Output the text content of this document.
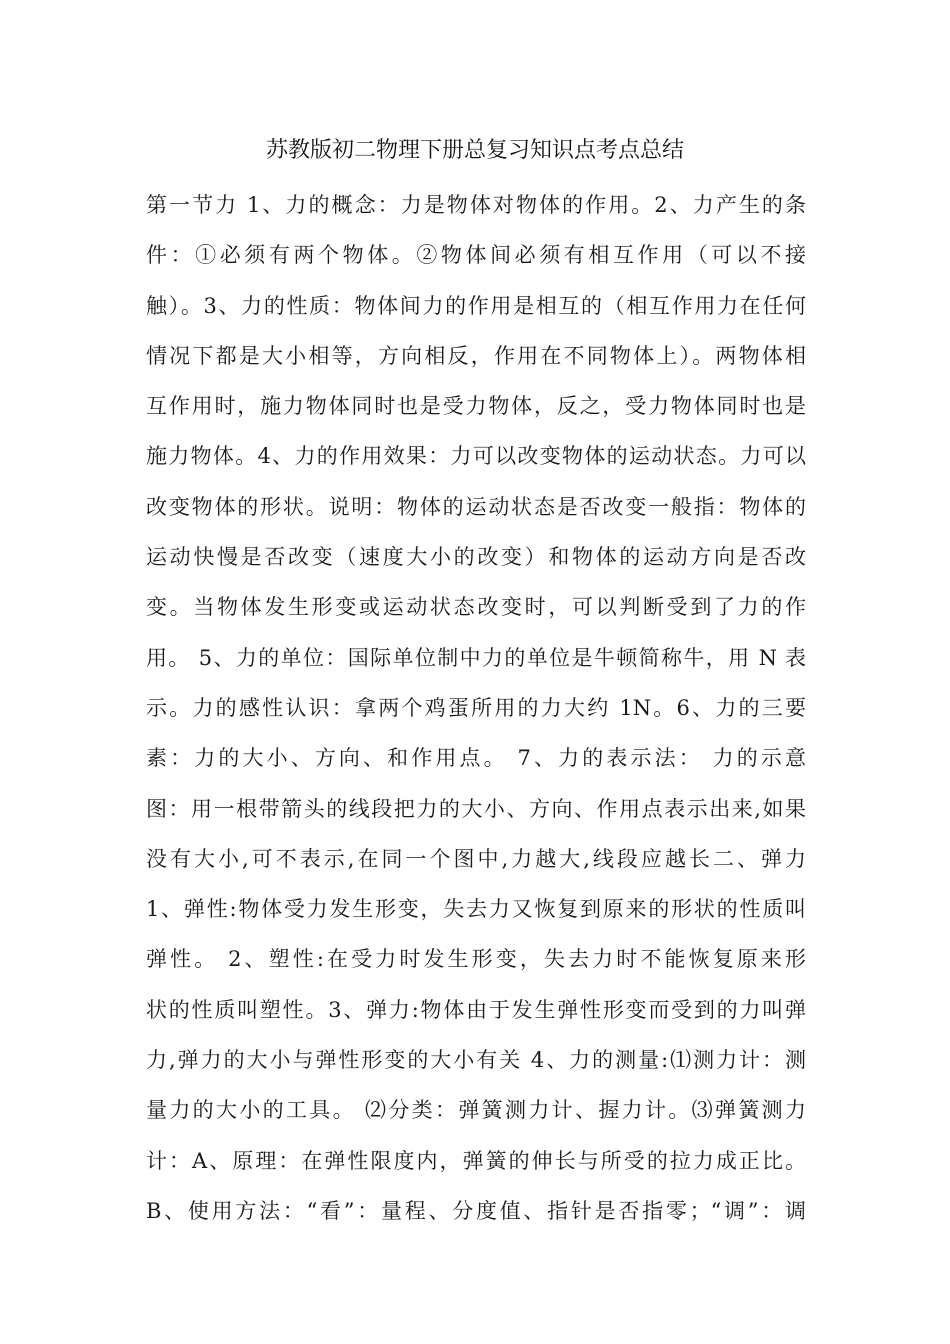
苏教版初二物理下册总复习知识点考点总结
第一节力 1、力的概念：力是物体对物体的作用。2、力产生的条
件：①必须有两个物体。②物体间必须有相互作用（可以不接
触）。3、力的性质：物体间力的作用是相互的（相互作用力在任何
情况下都是大小相等，方向相反，作用在不同物体上）。两物体相
互作用时，施力物体同时也是受力物体，反之，受力物体同时也是
施力物体。4、力的作用效果：力可以改变物体的运动状态。力可以
改变物体的形状。说明：物体的运动状态是否改变一般指：物体的
运动快慢是否改变（速度大小的改变）和物体的运动方向是否改
变。当物体发生形变或运动状态改变时，可以判断受到了力的作
用。 5、力的单位：国际单位制中力的单位是牛顿简称牛，用 N 表
示。力的感性认识：拿两个鸡蛋所用的力大约 1N。6、力的三要
素：力的大小、方向、和作用点。 7、力的表示法： 力的示意
图：用一根带箭头的线段把力的大小、方向、作用点表示出来,如果
没有大小,可不表示,在同一个图中,力越大,线段应越长二、弹力
1、弹性:物体受力发生形变，失去力又恢复到原来的形状的性质叫
弹性。 2、塑性:在受力时发生形变，失去力时不能恢复原来形
状的性质叫塑性。3、弹力:物体由于发生弹性形变而受到的力叫弹
力,弹力的大小与弹性形变的大小有关 4、力的测量:⑴测力计：测
量力的大小的工具。 ⑵分类：弹簧测力计、握力计。⑶弹簧测力
计：A、原理：在弹性限度内，弹簧的伸长与所受的拉力成正比。
B、使用方法：“看”：量程、分度值、指针是否指零；“调”：调
